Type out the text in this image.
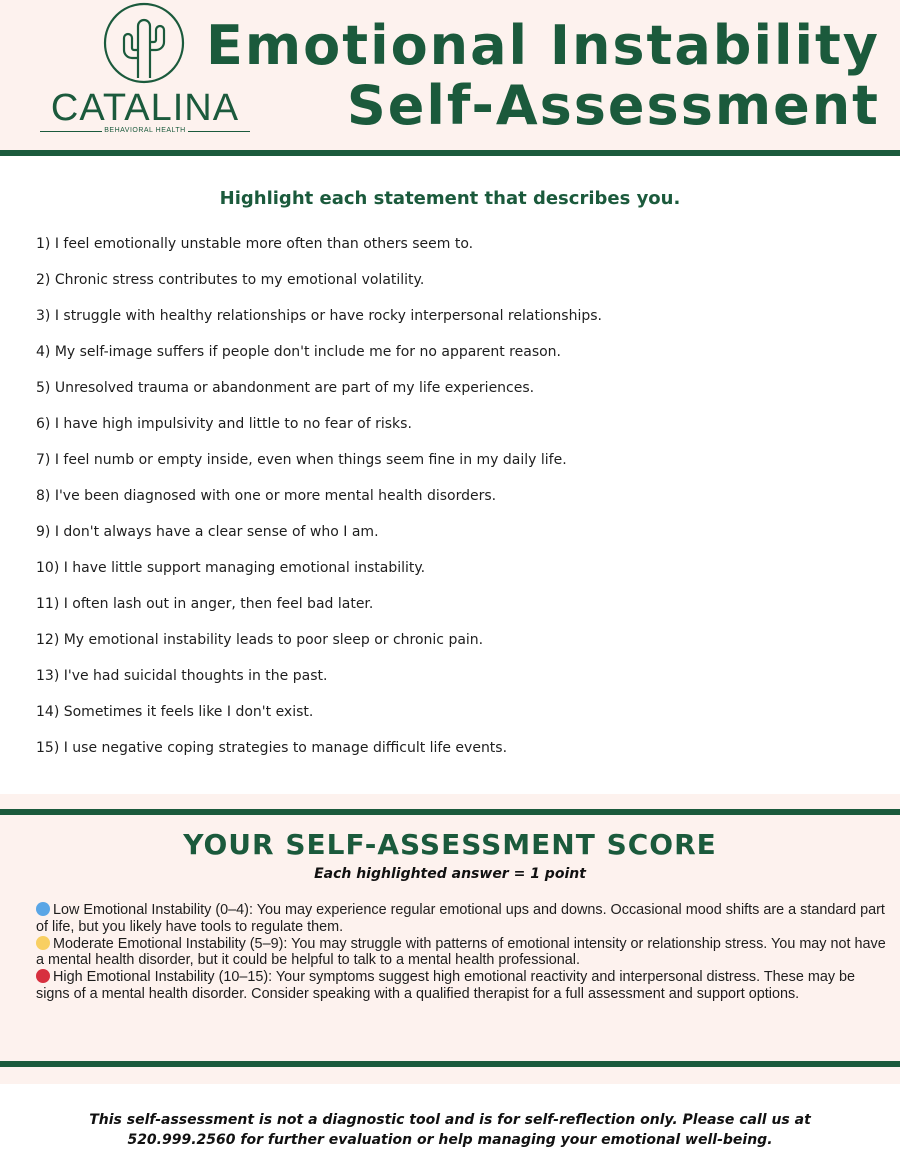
CATALINA
BEHAVIORAL HEALTH
Emotional Instability
Self-Assessment
Highlight each statement that describes you.
1) I feel emotionally unstable more often than others seem to.
2) Chronic stress contributes to my emotional volatility.
3) I struggle with healthy relationships or have rocky interpersonal relationships.
4) My self-image suffers if people don't include me for no apparent reason.
5) Unresolved trauma or abandonment are part of my life experiences.
6) I have high impulsivity and little to no fear of risks.
7) I feel numb or empty inside, even when things seem fine in my daily life.
8) I've been diagnosed with one or more mental health disorders.
9) I don't always have a clear sense of who I am.
10) I have little support managing emotional instability.
11) I often lash out in anger, then feel bad later.
12) My emotional instability leads to poor sleep or chronic pain.
13) I've had suicidal thoughts in the past.
14) Sometimes it feels like I don't exist.
15) I use negative coping strategies to manage difficult life events.
YOUR SELF-ASSESSMENT SCORE
Each highlighted answer = 1 point

Low Emotional Instability (0–4): You may experience regular emotional ups and downs. Occasional mood shifts are a standard part of life, but you likely have tools to regulate them.

Moderate Emotional Instability (5–9): You may struggle with patterns of emotional intensity or relationship stress. You may not have a mental health disorder, but it could be helpful to talk to a mental health professional.

High Emotional Instability (10–15): Your symptoms suggest high emotional reactivity and interpersonal distress. These may be signs of a mental health disorder. Consider speaking with a qualified therapist for a full assessment and support options.

This self-assessment is not a diagnostic tool and is for self-reflection only. Please call us at
520.999.2560 for further evaluation or help managing your emotional well-being.
